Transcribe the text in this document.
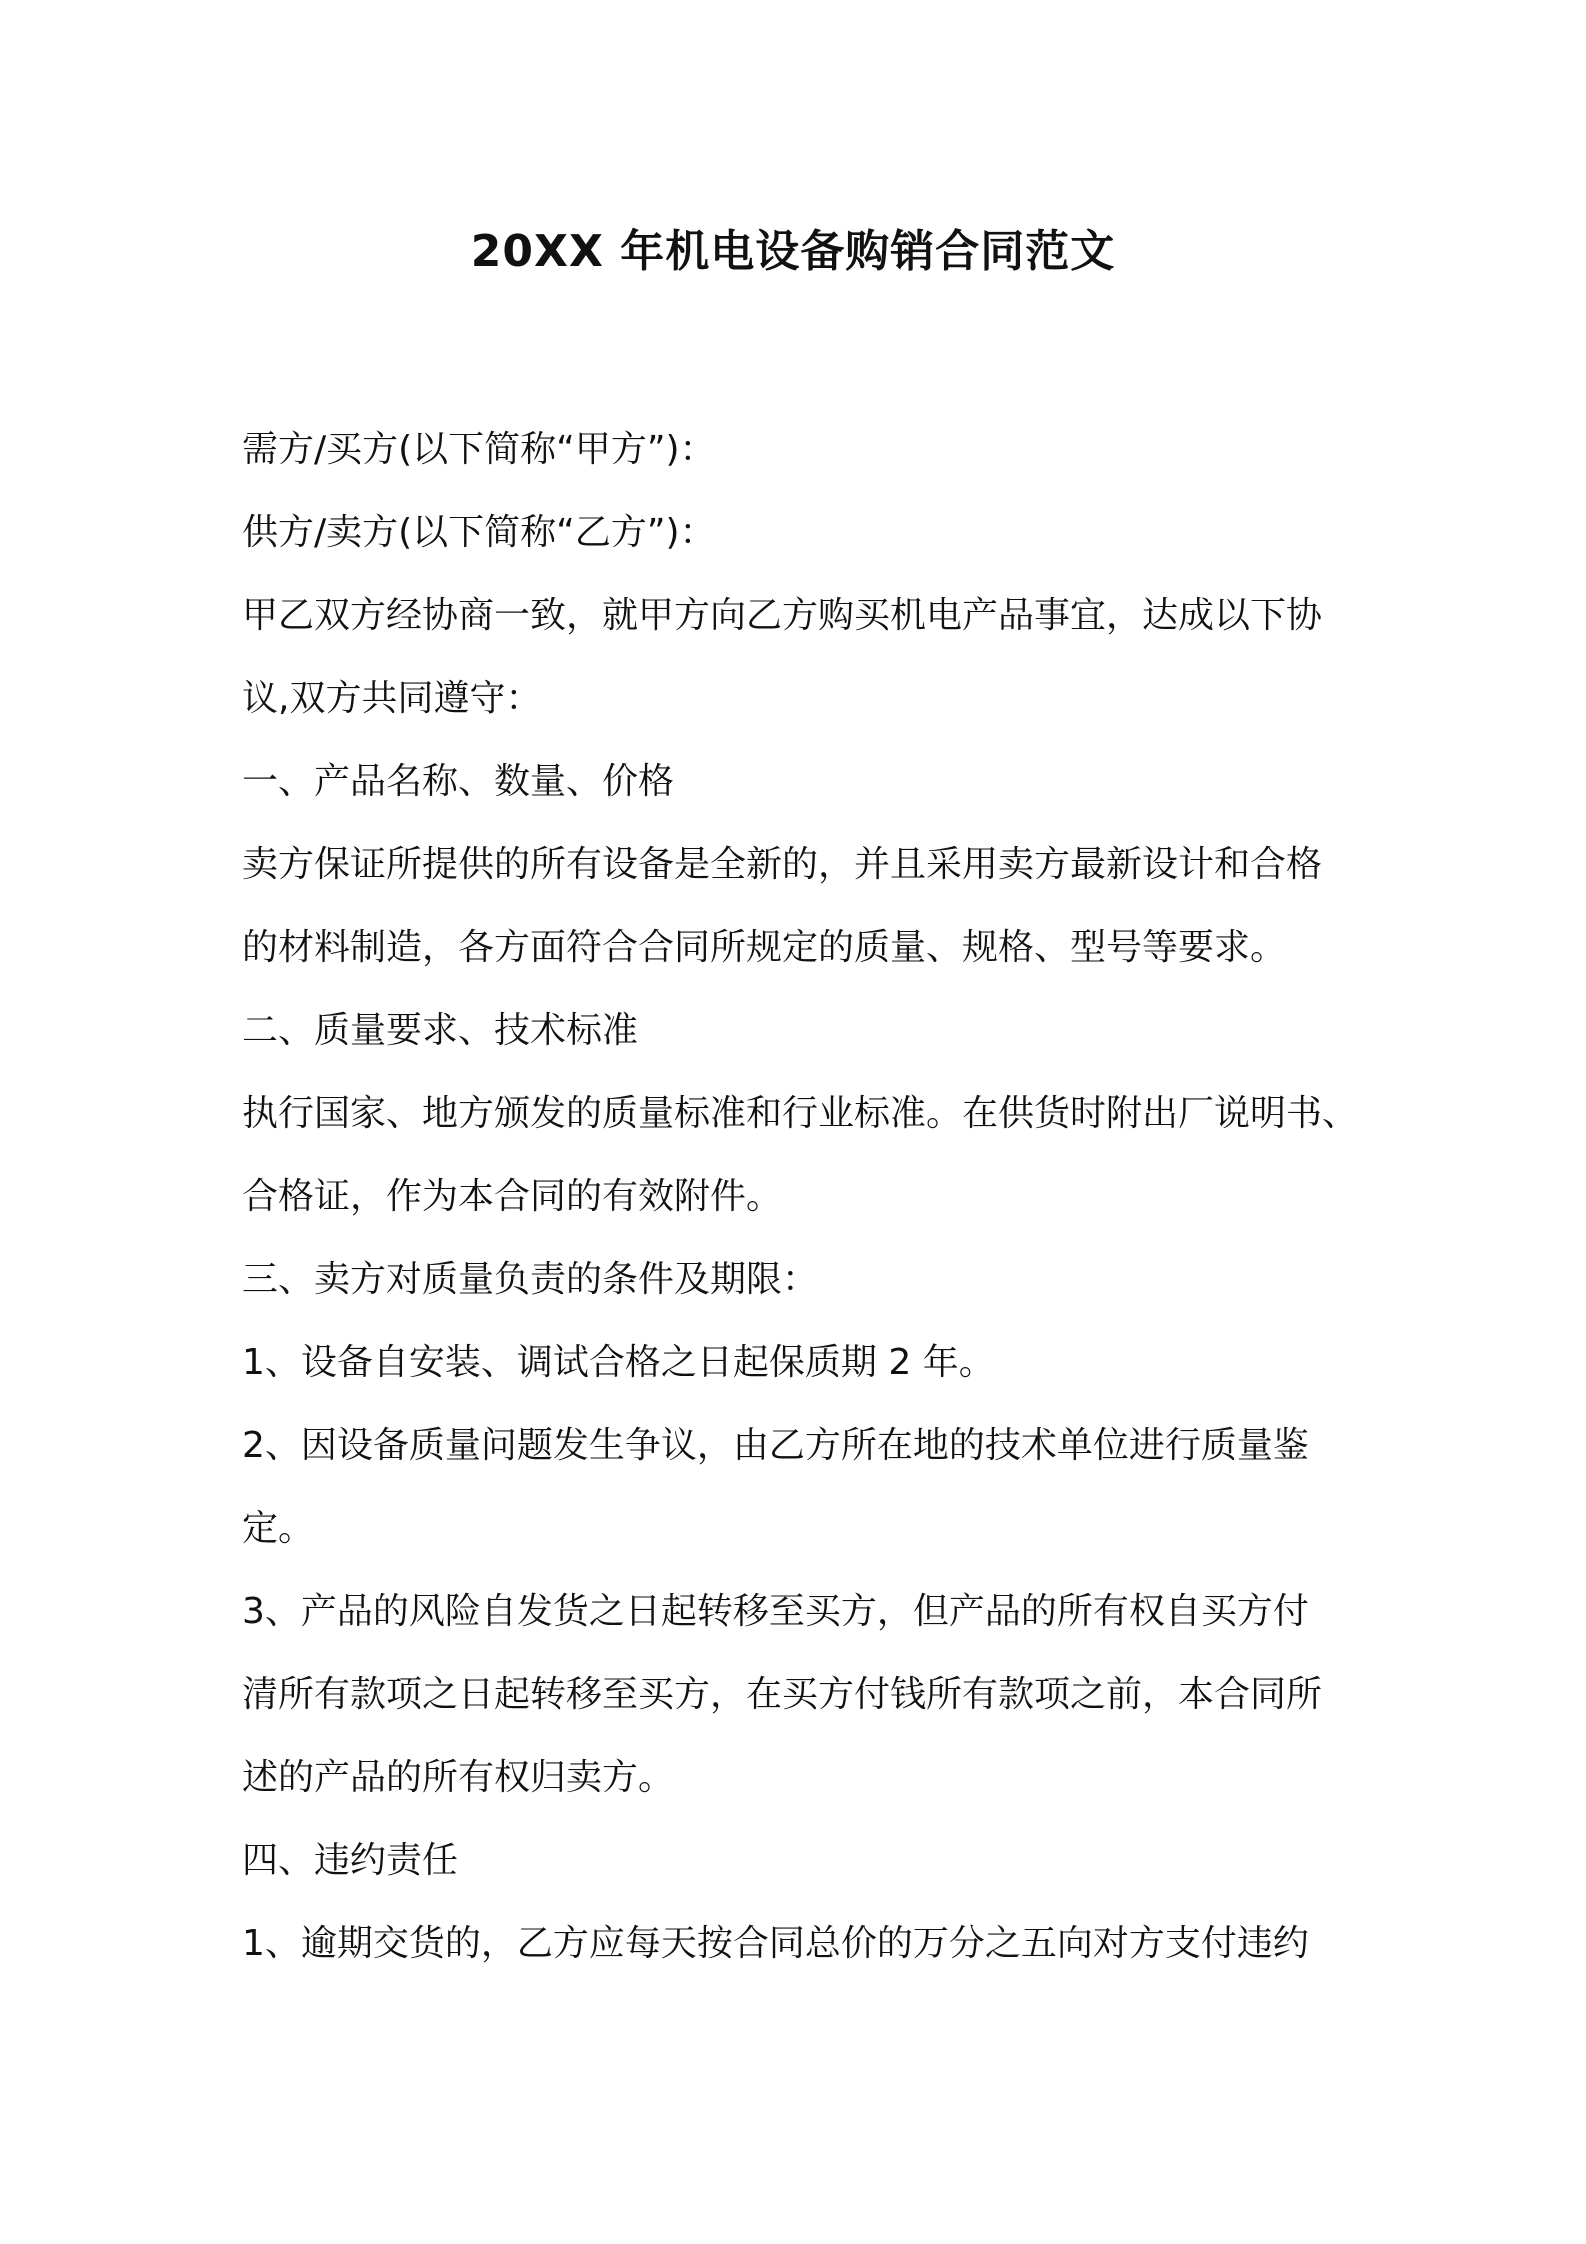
20XX 年机电设备购销合同范文

需方/买方(以下简称“甲方”)：

供方/卖方(以下简称“乙方”)：

甲乙双方经协商一致，就甲方向乙方购买机电产品事宜，达成以下协

议,双方共同遵守：

一、产品名称、数量、价格

卖方保证所提供的所有设备是全新的，并且采用卖方最新设计和合格

的材料制造，各方面符合合同所规定的质量、规格、型号等要求。

二、质量要求、技术标准

执行国家、地方颁发的质量标准和行业标准。在供货时附出厂说明书、

合格证，作为本合同的有效附件。

三、卖方对质量负责的条件及期限：

1、设备自安装、调试合格之日起保质期 2 年。

2、因设备质量问题发生争议，由乙方所在地的技术单位进行质量鉴

定。

3、产品的风险自发货之日起转移至买方，但产品的所有权自买方付

清所有款项之日起转移至买方，在买方付钱所有款项之前，本合同所

述的产品的所有权归卖方。

四、违约责任

1、逾期交货的，乙方应每天按合同总价的万分之五向对方支付违约
